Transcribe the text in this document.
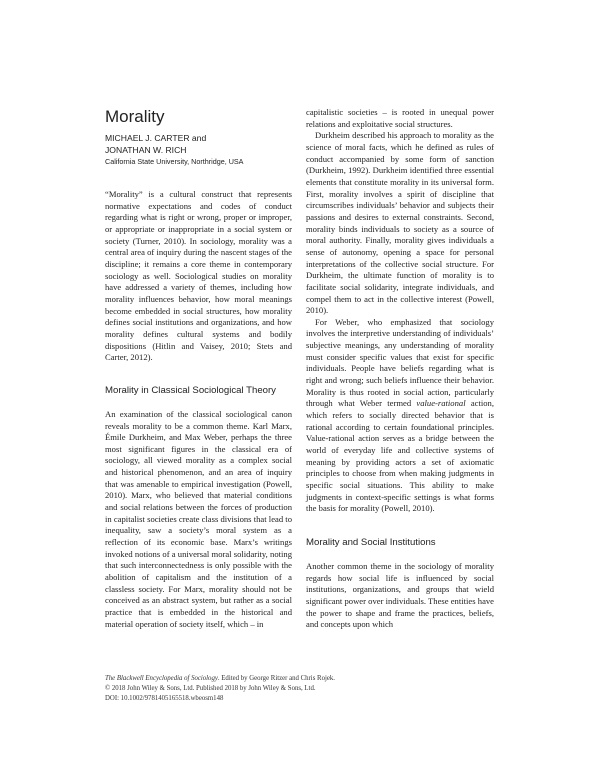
Morality
MICHAEL J. CARTER and
JONATHAN W. RICH
California State University, Northridge, USA

“Morality” is a cultural construct that represents normative expectations and codes of conduct regarding what is right or wrong, proper or improper, or appropriate or inappropriate in a social system or society (Turner, 2010). In sociology, morality was a central area of inquiry during the nascent stages of the discipline; it remains a core theme in contemporary sociology as well. Sociological studies on morality have addressed a variety of themes, including how morality influences behavior, how moral meanings become embedded in social structures, how morality defines social institutions and organizations, and how morality defines cultural systems and bodily dispositions (Hitlin and Vaisey, 2010; Stets and Carter, 2012).

Morality in Classical Sociological Theory

An examination of the classical sociological canon reveals morality to be a common theme. Karl Marx, Émile Durkheim, and Max Weber, perhaps the three most significant figures in the classical era of sociology, all viewed morality as a complex social and historical phenomenon, and an area of inquiry that was amenable to empirical investigation (Powell, 2010). Marx, who believed that material conditions and social relations between the forces of production in capitalist societies create class divisions that lead to inequality, saw a society’s moral system as a reflection of its economic base. Marx’s writings invoked notions of a universal moral solidarity, noting that such interconnectedness is only possible with the abolition of capitalism and the institution of a classless society. For Marx, morality should not be conceived as an abstract system, but rather as a social practice that is embedded in the historical and material operation of society itself, which – in

capitalistic societies – is rooted in unequal power relations and exploitative social structures.

Durkheim described his approach to morality as the science of moral facts, which he defined as rules of conduct accompanied by some form of sanction (Durkheim, 1992). Durkheim identified three essential elements that constitute morality in its universal form. First, morality involves a spirit of discipline that circumscribes individuals’ behavior and subjects their passions and desires to external constraints. Second, morality binds individuals to society as a source of moral authority. Finally, morality gives individuals a sense of autonomy, opening a space for personal interpretations of the collective social structure. For Durkheim, the ultimate function of morality is to facilitate social solidarity, integrate individuals, and compel them to act in the collective interest (Powell, 2010).

For Weber, who emphasized that sociology involves the interpretive understanding of individuals’ subjective meanings, any understanding of morality must consider specific values that exist for specific individuals. People have beliefs regarding what is right and wrong; such beliefs influence their behavior. Morality is thus rooted in social action, particularly through what Weber termed value-rational action, which refers to socially directed behavior that is rational according to certain foundational principles. Value-rational action serves as a bridge between the world of everyday life and collective systems of meaning by providing actors a set of axiomatic principles to choose from when making judgments in specific social situations. This ability to make judgments in context-specific settings is what forms the basis for morality (Powell, 2010).

Morality and Social Institutions

Another common theme in the sociology of morality regards how social life is influenced by social institutions, organizations, and groups that wield significant power over individuals. These entities have the power to shape and frame the practices, beliefs, and concepts upon which

The Blackwell Encyclopedia of Sociology. Edited by George Ritzer and Chris Rojek.
© 2018 John Wiley & Sons, Ltd. Published 2018 by John Wiley & Sons, Ltd.
DOI: 10.1002/9781405165518.wbeosm148
